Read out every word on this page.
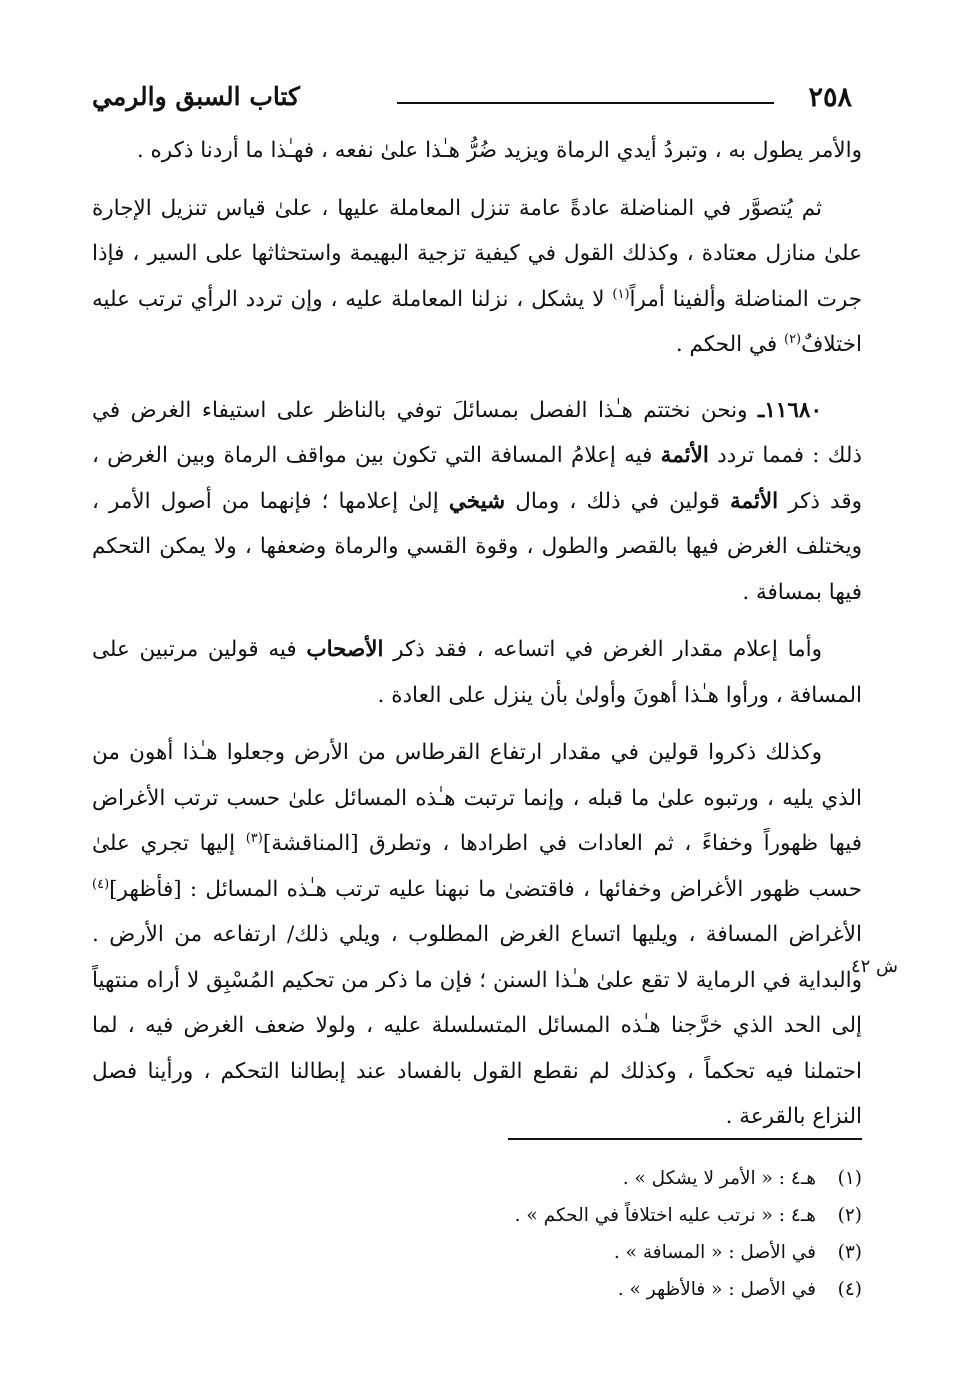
٢٥٨
كتاب السبق والرمي

والأمر يطول به ، وتبردُ أيدي الرماة ويزيد ضُرُّ هـٰذا علىٰ نفعه ، فهـٰذا ما أردنا ذكره .

ثم يُتصوَّر في المناضلة عادةً عامة تنزل المعاملة عليها ، علىٰ قياس تنزيل الإجارة علىٰ منازل معتادة ، وكذلك القول في كيفية تزجية البهيمة واستحثاثها على السير ، فإذا جرت المناضلة وألفينا أمراً$^{(١)}$ لا يشكل ، نزلنا المعاملة عليه ، وإن تردد الرأي ترتب عليه اختلافٌ$^{(٢)}$ في الحكم .

١١٦٨٠ـ ونحن نختتم هـٰذا الفصل بمسائلَ توفي بالناظر على استيفاء الغرض في ذلك : فمما تردد الأئمة فيه إعلامُ المسافة التي تكون بين مواقف الرماة وبين الغرض ، وقد ذكر الأئمة قولين في ذلك ، ومال شيخي إلىٰ إعلامها ؛ فإنهما من أصول الأمر ، ويختلف الغرض فيها بالقصر والطول ، وقوة القسي والرماة وضعفها ، ولا يمكن التحكم فيها بمسافة .

وأما إعلام مقدار الغرض في اتساعه ، فقد ذكر الأصحاب فيه قولين مرتبين على المسافة ، ورأوا هـٰذا أهونَ وأولىٰ بأن ينزل على العادة .

وكذلك ذكروا قولين في مقدار ارتفاع القرطاس من الأرض وجعلوا هـٰذا أهون من الذي يليه ، ورتبوه علىٰ ما قبله ، وإنما ترتبت هـٰذه المسائل علىٰ حسب ترتب الأغراض فيها ظهوراً وخفاءً ، ثم العادات في اطرادها ، وتطرق [المناقشة]$^{(٣)}$ إليها تجري علىٰ حسب ظهور الأغراض وخفائها ، فاقتضىٰ ما نبهنا عليه ترتب هـٰذه المسائل : [فأظهر]$^{(٤)}$ الأغراض المسافة ، ويليها اتساع الغرض المطلوب ، ويلي ذلك/ ارتفاعه من الأرض . والبداية في الرماية لا تقع علىٰ هـٰذا السنن ؛ فإن ما ذكر من تحكيم المُسْبِق لا أراه منتهياً إلى الحد الذي خرَّجنا هـٰذه المسائل المتسلسلة عليه ، ولولا ضعف الغرض فيه ، لما احتملنا فيه تحكماً ، وكذلك لم نقطع القول بالفساد عند إبطالنا التحكم ، ورأينا فصل النزاع بالقرعة .

ش ٤٢

(١)هـ٤ : « الأمر لا يشكل » .

(٢)هـ٤ : « نرتب عليه اختلافاً في الحكم » .

(٣)في الأصل : « المسافة » .

(٤)في الأصل : « فالأظهر » .
